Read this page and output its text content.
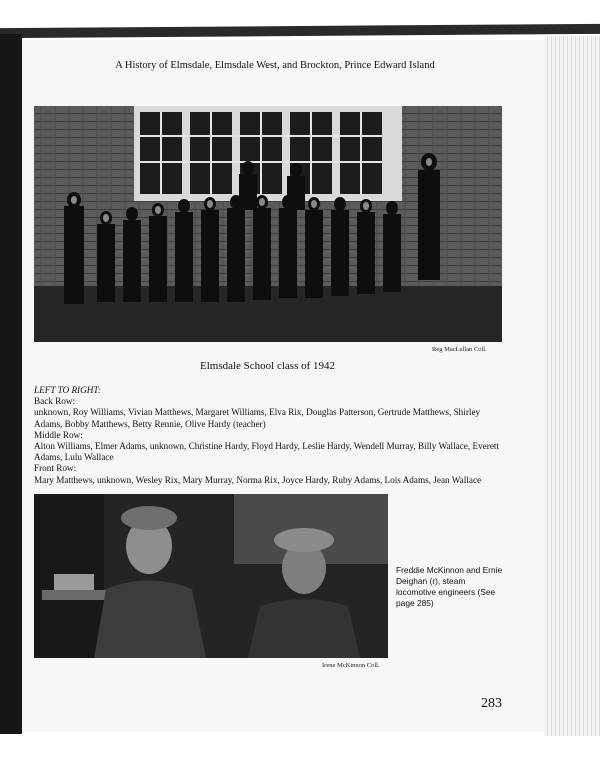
A History of Elmsdale, Elmsdale West, and Brockton, Prince Edward Island
Reg MacLellan Coll.
Elmsdale School class of 1942

LEFT TO RIGHT:
Back Row:
unknown, Roy Williams, Vivian Matthews, Margaret Williams, Elva Rix, Douglas Patterson, Gertrude Matthews, Shirley Adams, Bobby Matthews, Betty Rennie, Olive Hardy (teacher)
Middle Row:
Alton Williams, Elmer Adams, unknown, Christine Hardy, Floyd Hardy, Leslie Hardy, Wendell Murray, Billy Wallace, Everett Adams, Lulu Wallace
Front Row:
Mary Matthews, unknown, Wesley Rix, Mary Murray, Norma Rix, Joyce Hardy, Ruby Adams, Lois Adams, Jean Wallace
Irene McKinnon Coll.
Freddie McKinnon and Ernie Deighan (r), steam locomotive engineers (See page 285)
283
